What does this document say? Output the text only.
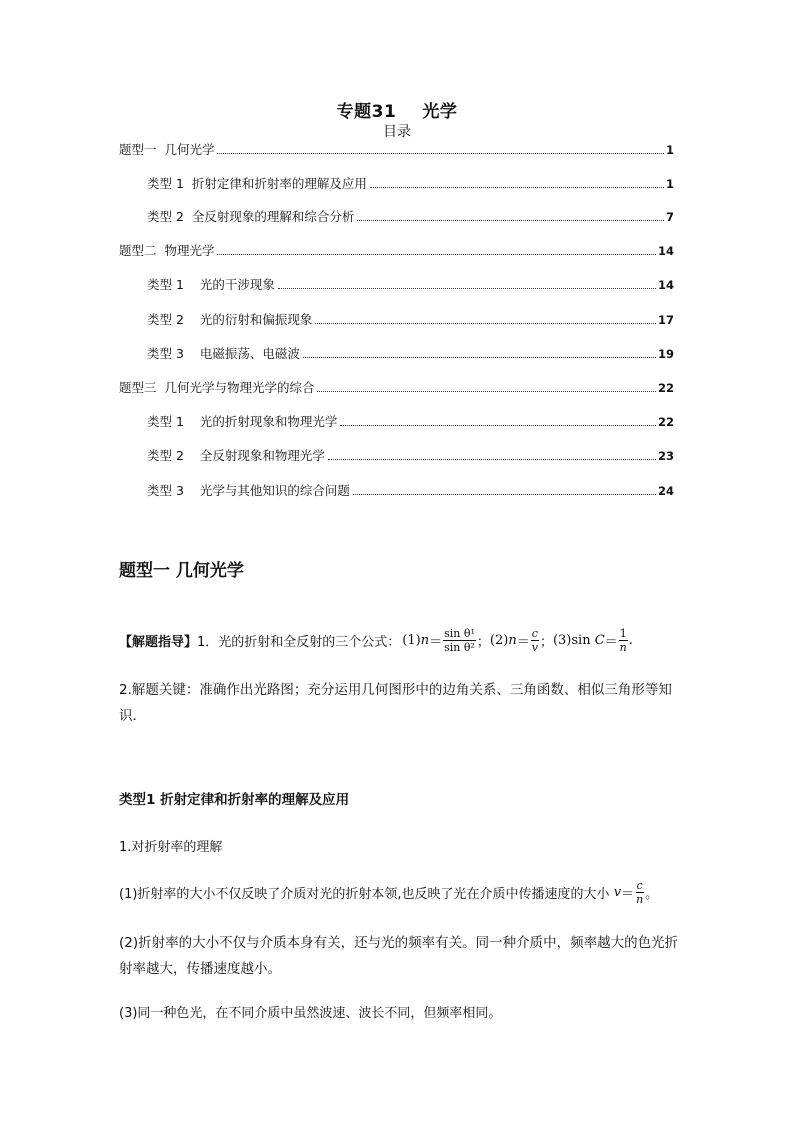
专题31 光学
目录
题型一  几何光学	1
类型 1  折射定律和折射率的理解及应用	1
类型 2  全反射现象的理解和综合分析	7
题型二  物理光学	14
类型 1    光的干涉现象	14
类型 2    光的衍射和偏振现象	17
类型 3    电磁振荡、电磁波	19
题型三  几何光学与物理光学的综合	22
类型 1    光的折射现象和物理光学	22
类型 2    全反射现象和物理光学	23
类型 3    光学与其他知识的综合问题	24
题型一 几何光学
【解题指导】 1．光的折射和全反射的三个公式： (1) $n = \frac{\text{sin θ¹}}{\text{sin θ²}}$ ； (2) $n = \frac{c}{v}$ ； (3)sin $C = \frac{1}{n}$ .
2.解题关键：准确作出光路图；充分运用几何图形中的边角关系、三角函数、相似三角形等知识．
类型1 折射定律和折射率的理解及应用
1.对折射率的理解
(1)折射率的大小不仅反映了介质对光的折射本领,也反映了光在介质中传播速度的大小 $v = \frac{c}{n}$ 。
(2)折射率的大小不仅与介质本身有关，还与光的频率有关。同一种介质中，频率越大的色光折射率越大，传播速度越小。
(3)同一种色光，在不同介质中虽然波速、波长不同，但频率相同。
